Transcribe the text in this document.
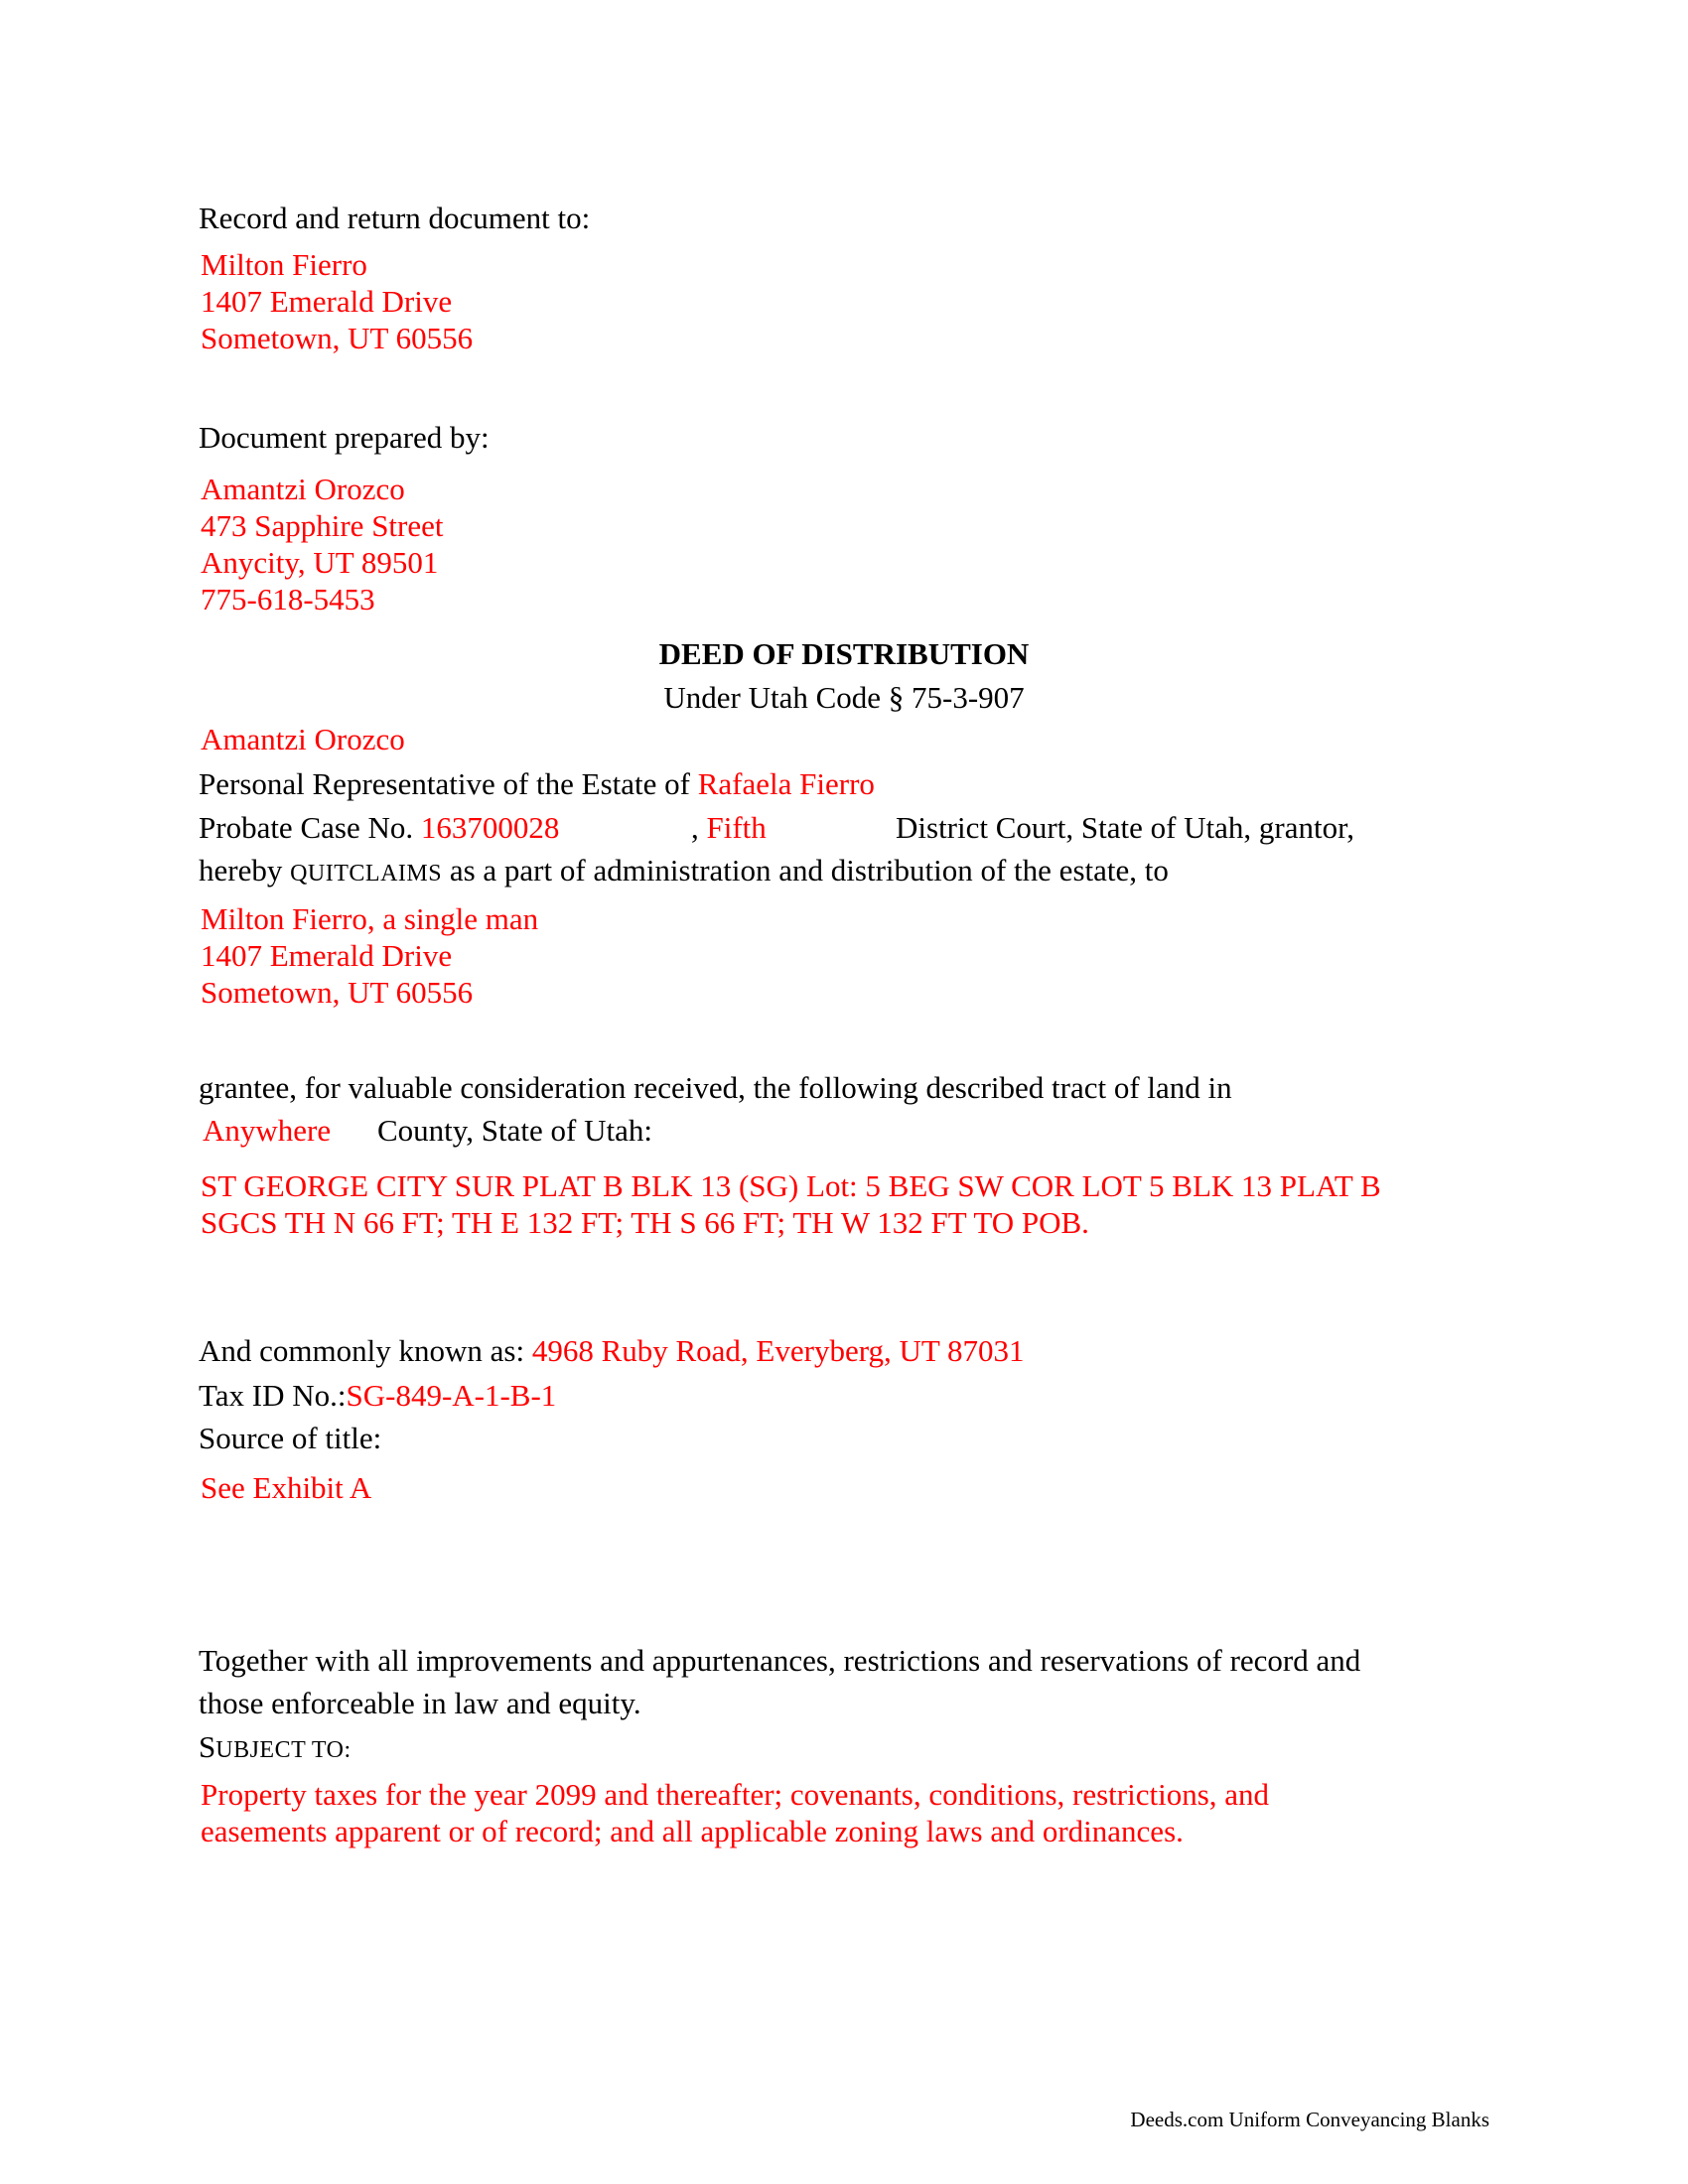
Record and return document to:
Milton Fierro
1407 Emerald Drive
Sometown, UT 60556
Document prepared by:
Amantzi Orozco
473 Sapphire Street
Anycity, UT 89501
775-618-5453
DEED OF DISTRIBUTION
Under Utah Code § 75-3-907
Amantzi Orozco
Personal Representative of the Estate of Rafaela Fierro
Probate Case No. 163700028	, Fifth	District Court, State of Utah, grantor,
hereby QUITCLAIMS as a part of administration and distribution of the estate, to
Milton Fierro, a single man
1407 Emerald Drive
Sometown, UT 60556
grantee, for valuable consideration received, the following described tract of land in
Anywhere County, State of Utah:
ST GEORGE CITY SUR PLAT B BLK 13 (SG) Lot: 5 BEG SW COR LOT 5 BLK 13 PLAT B
SGCS TH N 66 FT; TH E 132 FT; TH S 66 FT; TH W 132 FT TO POB.
And commonly known as: 4968 Ruby Road, Everyberg, UT 87031
Tax ID No.:SG-849-A-1-B-1
Source of title:
See Exhibit A
Together with all improvements and appurtenances, restrictions and reservations of record and
those enforceable in law and equity.
SUBJECT TO:
Property taxes for the year 2099 and thereafter; covenants, conditions, restrictions, and
easements apparent or of record; and all applicable zoning laws and ordinances.
Deeds.com Uniform Conveyancing Blanks
